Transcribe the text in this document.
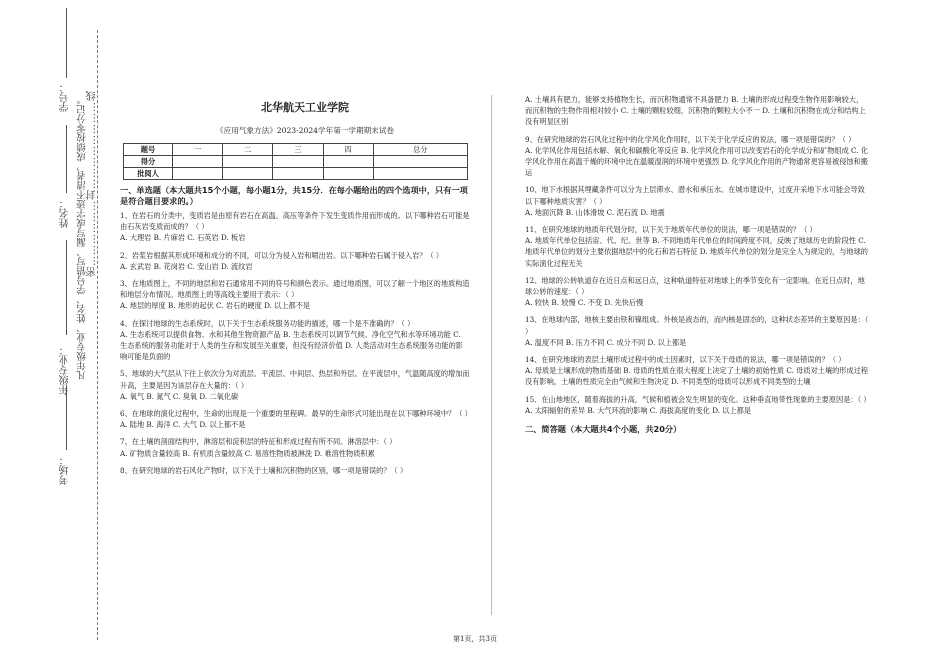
学号：
姓名：
年级专业：
考场：
密………………封……………………线
凡年级专业、姓名、学号错写、漏写或字迹不清者，成绩按零分记。	北华航天工业学院
《应用气象方法》2023-2024学年第一学期期末试卷
题号	一	二	三	四	总分
得分					
批阅人					

一、单选题（本大题共15个小题，每小题1分，共15分．在每小题给出的四个选项中，只有一项是符合题目要求的。）

1、在岩石的分类中，变质岩是由原有岩石在高温、高压等条件下发生变质作用而形成的。以下哪种岩石可能是由石灰岩变质而成的？（ ）

A. 大理岩 B. 片麻岩 C. 石英岩 D. 板岩

2、岩浆岩根据其形成环境和成分的不同，可以分为侵入岩和喷出岩。以下哪种岩石属于侵入岩？（ ）

A. 玄武岩 B. 花岗岩 C. 安山岩 D. 流纹岩

3、在地质图上，不同的地层和岩石通常用不同的符号和颜色表示。通过地质图，可以了解一个地区的地质构造和地层分布情况。地质图上的等高线主要用于表示：（ ）

A. 地层的厚度 B. 地形的起伏 C. 岩石的硬度 D. 以上都不是

4、在探讨地球的生态系统时，以下关于生态系统服务功能的描述，哪一个是不准确的？（ ）

A. 生态系统可以提供食物、水和其他生物资源产品 B. 生态系统可以调节气候、净化空气和水等环境功能 C. 生态系统的服务功能对于人类的生存和发展至关重要，但没有经济价值 D. 人类活动对生态系统服务功能的影响可能是负面的

5、地球的大气层从下往上依次分为对流层、平流层、中间层、热层和外层。在平流层中，气温随高度的增加而升高，主要是因为该层存在大量的：（ ）

A. 氧气 B. 氮气 C. 臭氧 D. 二氧化碳

6、在地球的演化过程中，生命的出现是一个重要的里程碑。最早的生命形式可能出现在以下哪种环境中？（ ）

A. 陆地 B. 海洋 C. 大气 D. 以上都不是

7、在土壤的剖面结构中，淋溶层和淀积层的特征和形成过程有所不同。淋溶层中：（ ）

A. 矿物质含量较高 B. 有机质含量较高 C. 易溶性物质被淋洗 D. 难溶性物质积累

8、在研究地球的岩石风化产物时，以下关于土壤和沉积物的区别，哪一项是错误的？（ ）

A. 土壤具有肥力，能够支持植物生长，而沉积物通常不具备肥力 B. 土壤的形成过程受生物作用影响较大，而沉积物的生物作用相对较小 C. 土壤的颗粒较细，沉积物的颗粒大小不一 D. 土壤和沉积物在成分和结构上没有明显区别

9、在研究地球的岩石风化过程中的化学风化作用时，以下关于化学反应的说法，哪一项是错误的？（ ）

A. 化学风化作用包括水解、氧化和碳酸化等反应 B. 化学风化作用可以改变岩石的化学成分和矿物组成 C. 化学风化作用在高温干燥的环境中比在温暖湿润的环境中更强烈 D. 化学风化作用的产物通常更容易被侵蚀和搬运

10、地下水根据其埋藏条件可以分为上层滞水、潜水和承压水。在城市建设中，过度开采地下水可能会导致以下哪种地质灾害？（ ）

A. 地面沉降 B. 山体滑坡 C. 泥石流 D. 地震

11、在研究地球的地质年代划分时，以下关于地质年代单位的说法，哪一项是错误的？（ ）

A. 地质年代单位包括宙、代、纪、世等 B. 不同地质年代单位的时间跨度不同，反映了地球历史的阶段性 C. 地质年代单位的划分主要依据地层中的化石和岩石特征 D. 地质年代单位的划分是完全人为规定的，与地球的实际演化过程无关

12、地球的公转轨道存在近日点和远日点，这种轨道特征对地球上的季节变化有一定影响。在近日点时，地球公转的速度：（ ）

A. 较快 B. 较慢 C. 不变 D. 先快后慢

13、在地球内部，地核主要由铁和镍组成。外核是液态的，而内核是固态的，这种状态差异的主要原因是：（ ）

A. 温度不同 B. 压力不同 C. 成分不同 D. 以上都是

14、在研究地球的表层土壤形成过程中的成土因素时，以下关于母质的说法，哪一项是错误的？（ ）

A. 母质是土壤形成的物质基础 B. 母质的性质在很大程度上决定了土壤的初始性质 C. 母质对土壤的形成过程没有影响，土壤的性质完全由气候和生物决定 D. 不同类型的母质可以形成不同类型的土壤

15、在山地地区，随着海拔的升高，气候和植被会发生明显的变化。这种垂直地带性现象的主要原因是：（ ）

A. 太阳辐射的差异 B. 大气环流的影响 C. 海拔高度的变化 D. 以上都是

二、简答题（本大题共4个小题，共20分）

第1页，共3页
